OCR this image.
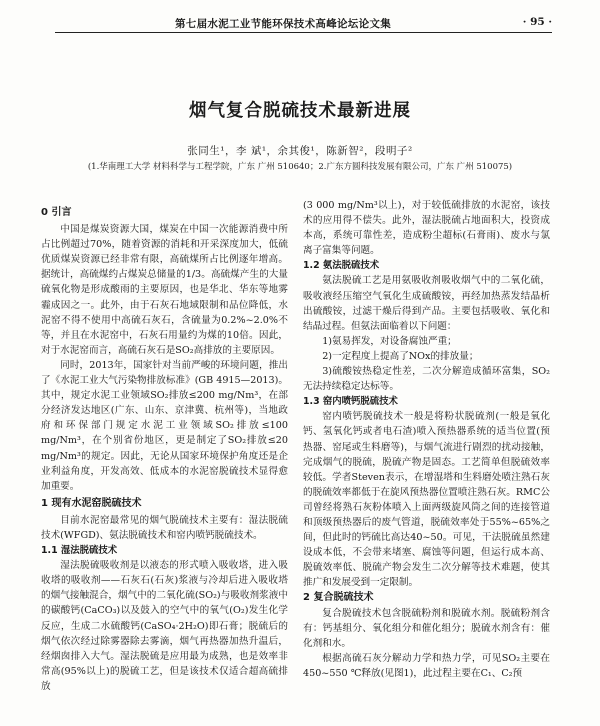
第七届水泥工业节能环保技术高峰论坛论文集	· 95 ·
烟气复合脱硫技术最新进展
张同生¹，李 斌¹，余其俊¹，陈新智²，段明子²
(1.华南理工大学 材料科学与工程学院，广东 广州 510640；2.广东方圆科技发展有限公司，广东 广州 510075)

0 引言

中国是煤炭资源大国，煤炭在中国一次能源消费中所占比例超过70%，随着资源的消耗和开采深度加大，低硫优质煤炭资源已经非常有限，高硫煤所占比例逐年增高。据统计，高硫煤约占煤炭总储量的1/3。高硫煤产生的大量硫氧化物是形成酸雨的主要原因，也是华北、华东等地雾霾成因之一。此外，由于石灰石地域限制和品位降低，水泥窑不得不使用中高硫石灰石，含硫量为0.2%~2.0%不等，并且在水泥窑中，石灰石用量约为煤的10倍。因此，对于水泥窑而言，高硫石灰石是SO₂高排放的主要原因。

同时，2013年，国家针对当前严峻的环境问题，推出了《水泥工业大气污染物排放标准》(GB 4915—2013)。其中，规定水泥工业领域SO₂排放≤200 mg/Nm³，在部分经济发达地区(广东、山东、京津冀、杭州等)，当地政府和环保部门规定水泥工业领域SO₂排放≤100 mg/Nm³，在个别省份地区，更是制定了SO₂排放≤20 mg/Nm³的规定。因此，无论从国家环境保护角度还是企业利益角度，开发高效、低成本的水泥窑脱硫技术显得愈加重要。

1 现有水泥窑脱硫技术

目前水泥窑最常见的烟气脱硫技术主要有：湿法脱硫技术(WFGD)、氨法脱硫技术和窑内喷钙脱硫技术。

1.1 湿法脱硫技术

湿法脱硫吸收剂是以液态的形式喷入吸收塔，进入吸收塔的吸收剂——石灰石(石灰)浆液与冷却后进入吸收塔的烟气接触混合，烟气中的二氧化硫(SO₂)与吸收剂浆液中的碳酸钙(CaCO₃)以及鼓入的空气中的氧气(O₂)发生化学反应，生成二水硫酸钙(CaSO₄·2H₂O)即石膏；脱硫后的烟气依次经过除雾器除去雾滴，烟气再热器加热升温后，经烟囱排入大气。湿法脱硫是应用最为成熟，也是效率非常高(95%以上)的脱硫工艺，但是该技术仅适合超高硫排放

(3 000 mg/Nm³以上)，对于较低硫排放的水泥窑，该技术的应用得不偿失。此外，湿法脱硫占地面积大，投资成本高，系统可靠性差，造成粉尘超标(石膏雨)、废水与氯离子富集等问题。

1.2 氨法脱硫技术

氨法脱硫工艺是用氨吸收剂吸收烟气中的二氧化硫，吸收液经压缩空气氧化生成硫酸铵，再经加热蒸发结晶析出硫酸铵，过滤干燥后得到产品。主要包括吸收、氧化和结晶过程。但氨法面临着以下问题：

1)氨易挥发，对设备腐蚀严重；

2)一定程度上提高了NOx的排放量；

3)硫酸铵热稳定性差，二次分解造成循环富集，SO₂无法持续稳定达标等。

1.3 窑内喷钙脱硫技术

窑内喷钙脱硫技术一般是将粉状脱硫剂(一般是氧化钙、氢氧化钙或者电石渣)喷入预热器系统的适当位置(预热器、窑尾或生料磨等)，与烟气流进行剧烈的扰动接触，完成烟气的脱硫，脱硫产物是固态。工艺简单但脱硫效率较低。学者Steven表示，在增湿塔和生料磨处喷注熟石灰的脱硫效率都低于在旋风预热器位置喷注熟石灰。RMC公司曾经将熟石灰粉体喷入上面两级旋风筒之间的连接管道和顶级预热器后的废气管道，脱硫效率处于55%~65%之间，但此时的钙硫比高达40~50。可见，干法脱硫虽然建设成本低，不会带来堵塞、腐蚀等问题，但运行成本高、脱硫效率低、脱硫产物会发生二次分解等技术难题，使其推广和发展受到一定限制。

2 复合脱硫技术

复合脱硫技术包含脱硫粉剂和脱硫水剂。脱硫粉剂含有：钙基组分、氧化组分和催化组分；脱硫水剂含有：催化剂和水。

根据高硫石灰分解动力学和热力学，可见SO₂主要在450~550 ℃释放(见图1)，此过程主要在C₁、C₂预
